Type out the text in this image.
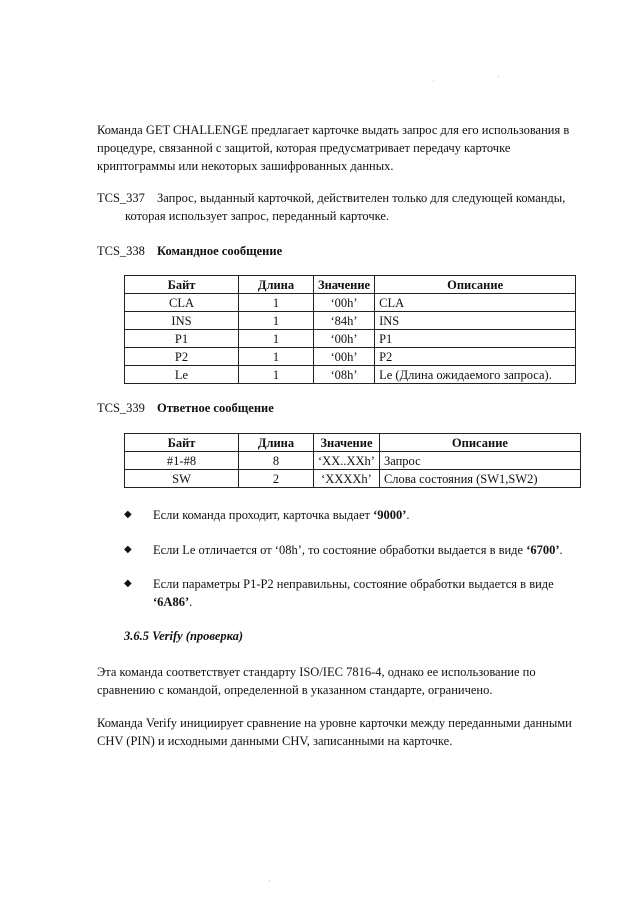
·	·

Команда GET CHALLENGE предлагает карточке выдать запрос для его использования в процедуре, связанной с защитой, которая предусматривает передачу карточке криптограммы или некоторых зашифрованных данных.

TCS_337 Запрос, выданный карточкой, действителен только для следующей команды,
которая использует запрос, переданный карточке.
TCS_338 Командное сообщение
Байт	Длина	Значение	Описание
CLA	1	‘00h’	CLA
INS	1	‘84h’	INS
P1	1	‘00h’	P1
P2	1	‘00h’	P2
Le	1	‘08h’	Le (Длина ожидаемого запроса).
TCS_339 Ответное сообщение
Байт	Длина	Значение	Описание
#1-#8	8	‘XX..XXh’	Запрос
SW	2	‘XXXXh’	Слова состояния (SW1,SW2)
◆ Если команда проходит, карточка выдает ‘9000’.
◆ Если Le отличается от ‘08h’, то состояние обработки выдается в виде ‘6700’.
◆ Если параметры P1-P2 неправильны, состояние обработки выдается в виде
‘6A86’.
3.6.5 Verify (проверка)

Эта команда соответствует стандарту ISO/IEC 7816-4, однако ее использование по сравнению с командой, определенной в указанном стандарте, ограничено.

Команда Verify инициирует сравнение на уровне карточки между переданными данными CHV (PIN) и исходными данными CHV, записанными на карточке.

·
